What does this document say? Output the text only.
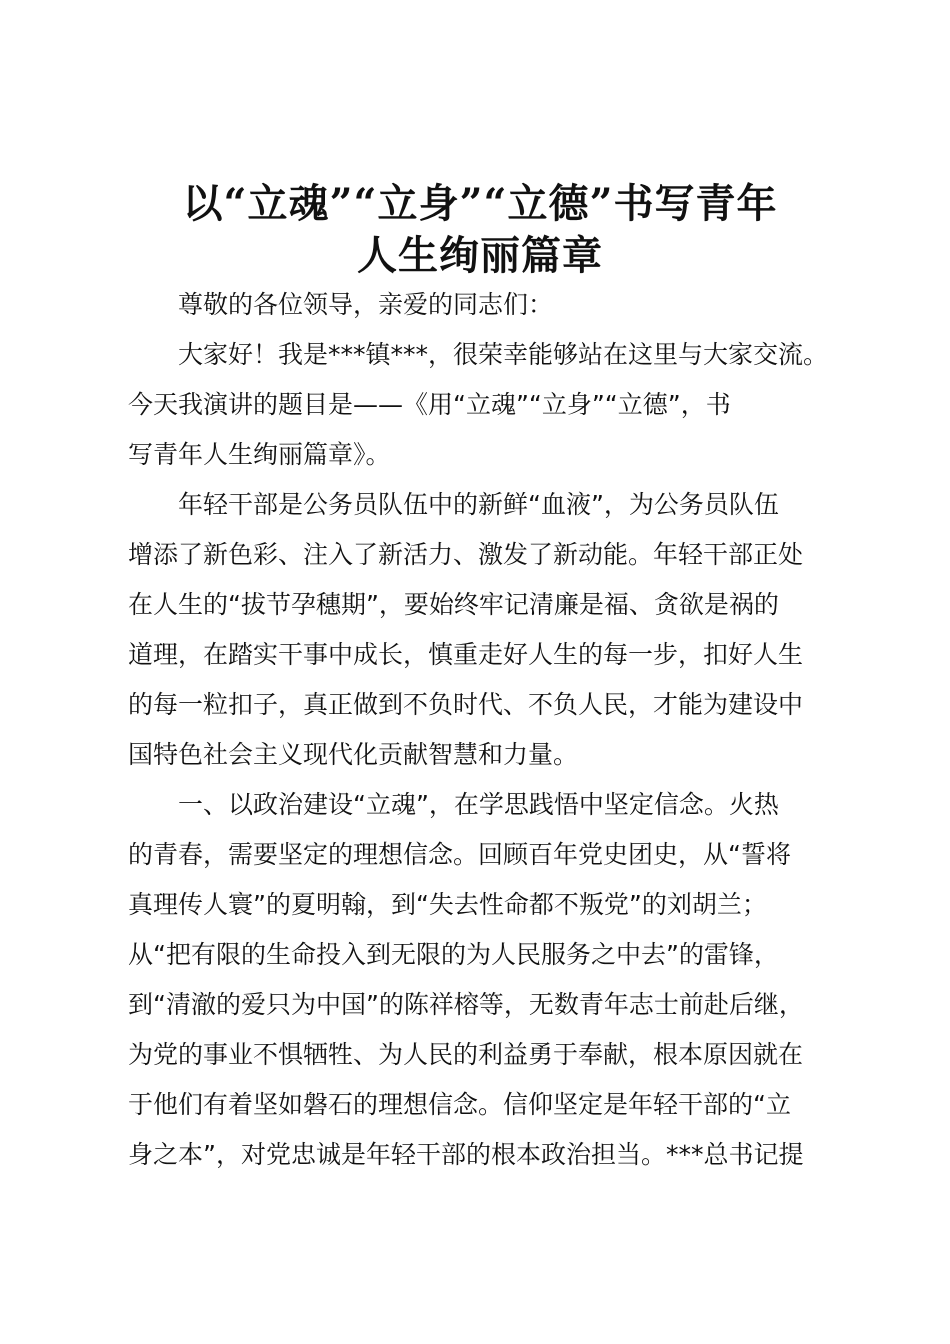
以“立魂”“立身”“立德”书写青年
人生绚丽篇章

尊敬的各位领导，亲爱的同志们：

大家好！我是***镇***，很荣幸能够站在这里与大家交流。
今天我演讲的题目是——《用“立魂”“立身”“立德”，书
写青年人生绚丽篇章》。

年轻干部是公务员队伍中的新鲜“血液”，为公务员队伍
增添了新色彩、注入了新活力、激发了新动能。年轻干部正处
在人生的“拔节孕穗期”，要始终牢记清廉是福、贪欲是祸的
道理，在踏实干事中成长，慎重走好人生的每一步，扣好人生
的每一粒扣子，真正做到不负时代、不负人民，才能为建设中
国特色社会主义现代化贡献智慧和力量。

一、以政治建设“立魂”，在学思践悟中坚定信念。火热
的青春，需要坚定的理想信念。回顾百年党史团史，从“誓将
真理传人寰”的夏明翰，到“失去性命都不叛党”的刘胡兰；
从“把有限的生命投入到无限的为人民服务之中去”的雷锋，
到“清澈的爱只为中国”的陈祥榕等，无数青年志士前赴后继，
为党的事业不惧牺牲、为人民的利益勇于奉献，根本原因就在
于他们有着坚如磐石的理想信念。信仰坚定是年轻干部的“立
身之本”，对党忠诚是年轻干部的根本政治担当。***总书记提
